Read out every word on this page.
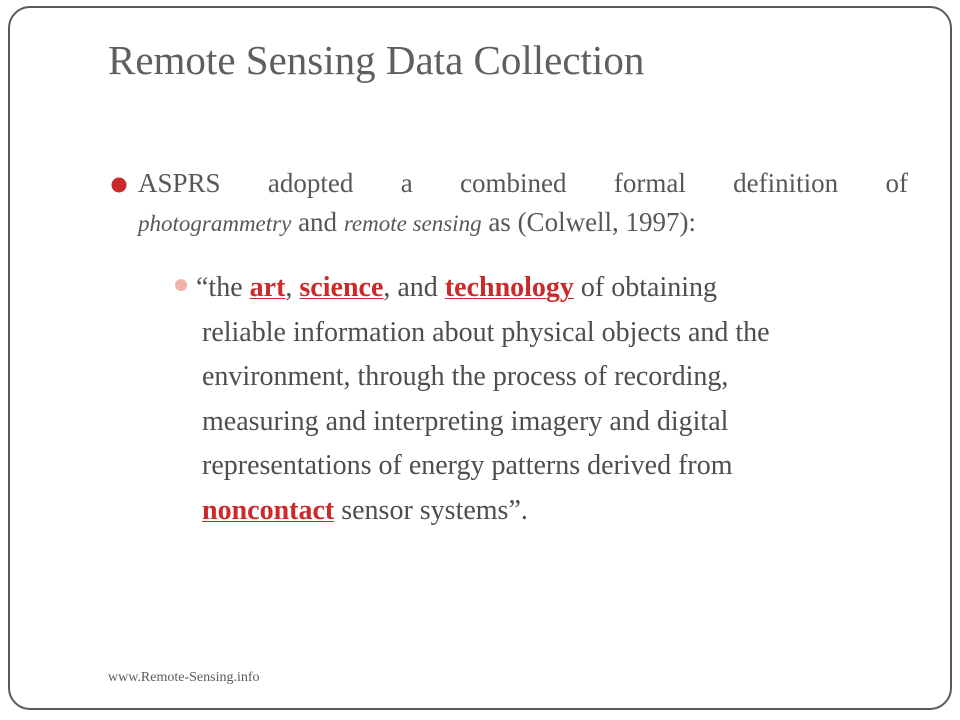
Remote Sensing Data Collection
ASPRS adopted a combined formal definition of
photogrammetry and remote sensing as (Colwell, 1997):
“the art, science, and technology of obtaining
reliable information about physical objects and the
environment, through the process of recording,
measuring and interpreting imagery and digital
representations of energy patterns derived from
noncontact sensor systems”.
www.Remote-Sensing.info
